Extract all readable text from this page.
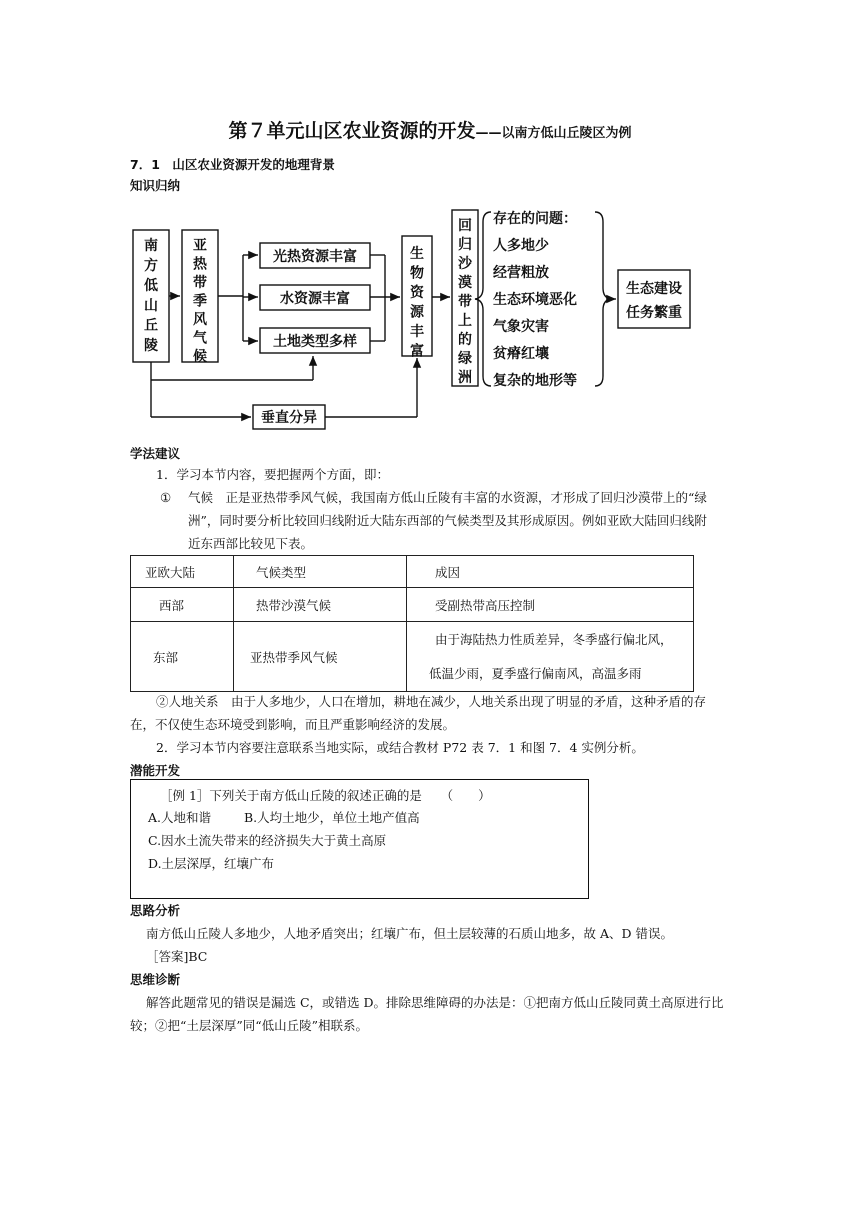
第７单元山区农业资源的开发——以南方低山丘陵区为例
7．1　山区农业资源开发的地理背景
知识归纳
南方低山丘陵
亚热带季风气候
光热资源丰富
水资源丰富
土地类型多样
生物资源丰富
回归沙漠带上的绿洲
生态建设
任务繁重
垂直分异
存在的问题：
人多地少
经营粗放
生态环境恶化
气象灾害
贫瘠红壤
复杂的地形等
学法建议
1．学习本节内容，要把握两个方面，即：
① 气候　正是亚热带季风气候，我国南方低山丘陵有丰富的水资源，才形成了回归沙漠带上的“绿
洲”，同时要分析比较回归线附近大陆东西部的气候类型及其形成原因。例如亚欧大陆回归线附
近东西部比较见下表。
亚欧大陆	气候类型	成因
西部	热带沙漠气候	受副热带高压控制
东部	亚热带季风气候	由于海陆热力性质差异，冬季盛行偏北风，
低温少雨，夏季盛行偏南风，高温多雨
②人地关系　由于人多地少，人口在增加，耕地在减少，人地关系出现了明显的矛盾，这种矛盾的存
在，不仅使生态环境受到影响，而且严重影响经济的发展。
2．学习本节内容要注意联系当地实际，或结合教材 P72 表 7．1 和图 7．4 实例分析。
潜能开发
［例 1］下列关于南方低山丘陵的叙述正确的是　　（　　）
A.人地和谐	B.人均土地少，单位土地产值高
C.因水土流失带来的经济损失大于黄土高原
D.土层深厚，红壤广布
思路分析
南方低山丘陵人多地少，人地矛盾突出；红壤广布，但土层较薄的石质山地多，故 A、D 错误。
［答案]BC
思维诊断
解答此题常见的错误是漏选 C，或错选 D。排除思维障碍的办法是：①把南方低山丘陵同黄土高原进行比
较；②把“土层深厚”同“低山丘陵”相联系。
